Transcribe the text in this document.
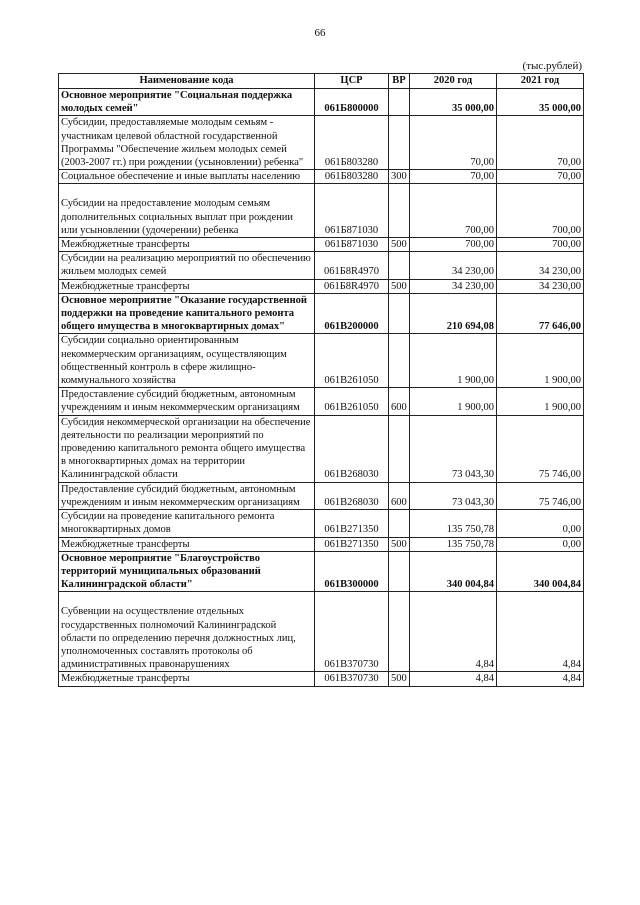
66
(тыс.рублей)
Наименование кода	ЦСР	ВР	2020 год	2021 год
Основное мероприятие "Социальная поддержка молодых семей"	061Б800000		35 000,00	35 000,00
Субсидии, предоставляемые молодым семьям - участникам целевой областной государственной Программы "Обеспечение жильем молодых семей (2003-2007 гг.) при рождении (усыновлении) ребенка"	061Б803280		70,00	70,00
Социальное обеспечение и иные выплаты населению	061Б803280	300	70,00	70,00
Субсидии на предоставление молодым семьям дополнительных социальных выплат при рождении или усыновлении (удочерении) ребенка	061Б871030		700,00	700,00
Межбюджетные трансферты	061Б871030	500	700,00	700,00
Субсидии на реализацию мероприятий по обеспечению жильем молодых семей	061Б8R4970		34 230,00	34 230,00
Межбюджетные трансферты	061Б8R4970	500	34 230,00	34 230,00
Основное мероприятие "Оказание государственной поддержки на проведение капитального ремонта общего имущества в многоквартирных домах"	061В200000		210 694,08	77 646,00
Субсидии социально ориентированным некоммерческим организациям, осуществляющим общественный контроль в сфере жилищно-коммунального хозяйства	061В261050		1 900,00	1 900,00
Предоставление субсидий бюджетным, автономным учреждениям и иным некоммерческим организациям	061В261050	600	1 900,00	1 900,00
Субсидия некоммерческой организации на обеспечение деятельности по реализации мероприятий по проведению капитального ремонта общего имущества в многоквартирных домах на территории Калининградской области	061В268030		73 043,30	75 746,00
Предоставление субсидий бюджетным, автономным учреждениям и иным некоммерческим организациям	061В268030	600	73 043,30	75 746,00
Субсидии на проведение капитального ремонта многоквартирных домов	061В271350		135 750,78	0,00
Межбюджетные трансферты	061В271350	500	135 750,78	0,00
Основное мероприятие "Благоустройство территорий муниципальных образований Калининградской области"	061В300000		340 004,84	340 004,84
Субвенции на осуществление отдельных государственных полномочий Калининградской области по определению перечня должностных лиц, уполномоченных составлять протоколы об административных правонарушениях	061В370730		4,84	4,84
Межбюджетные трансферты	061В370730	500	4,84	4,84
